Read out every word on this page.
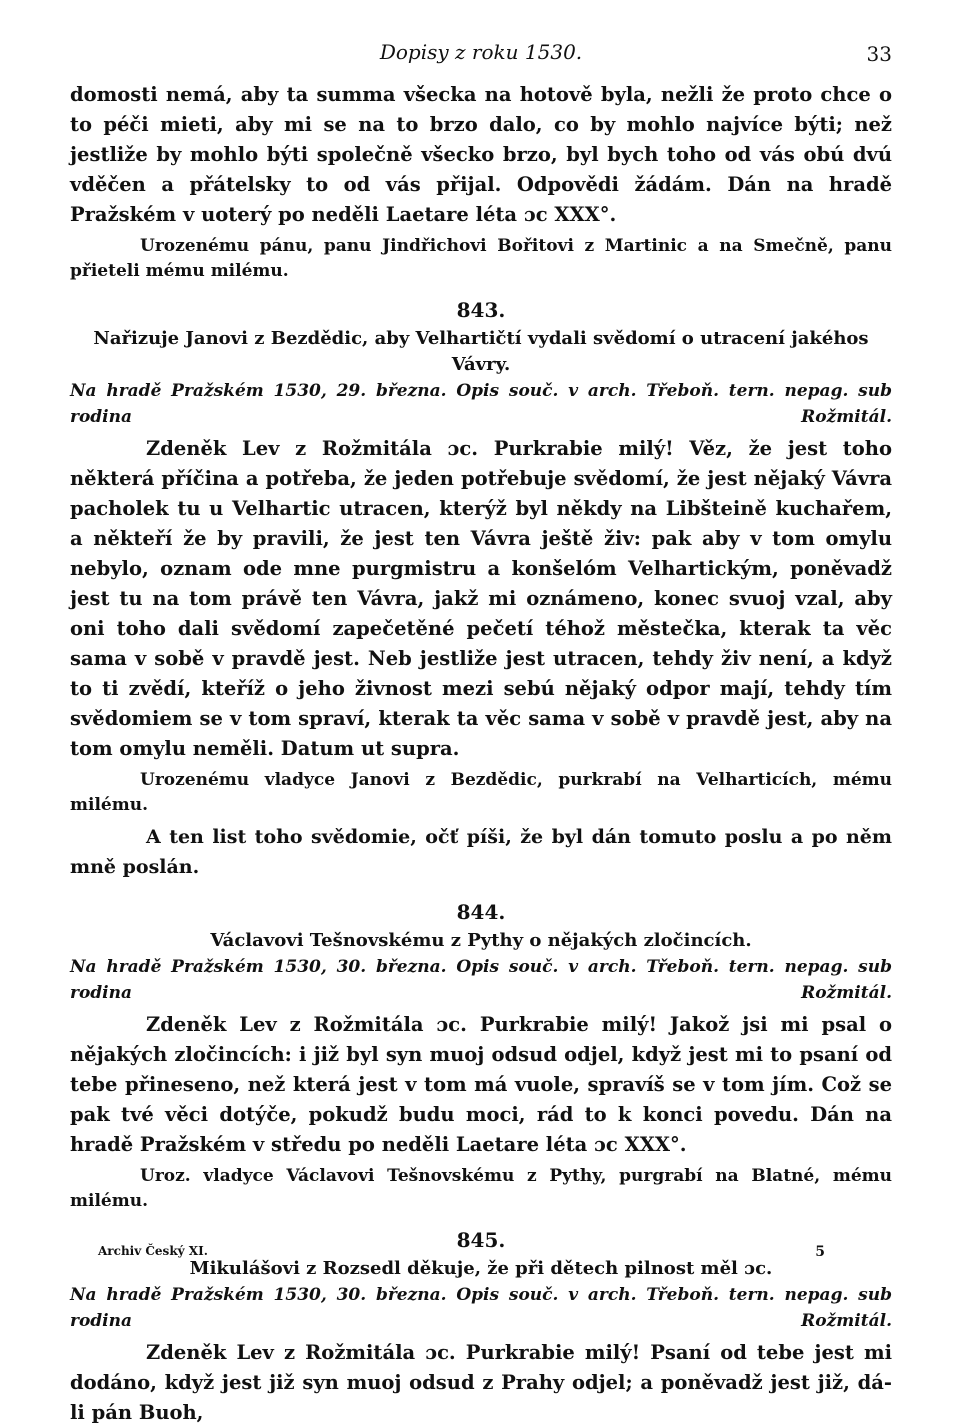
Dopisy z roku 1530.	33

domosti nemá, aby ta summa všecka na hotově byla, nežli že proto chce o to péči mieti, aby mi se na to brzo dalo, co by mohlo najvíce býti; než jestliže by mohlo býti společně všecko brzo, byl bych toho od vás obú dvú vděčen a přátelsky to od vás přijal. Odpovědi žádám. Dán na hradě Pražském v uoterý po neděli Laetare léta ɔc XXX°.

Urozenému pánu, panu Jindřichovi Bořitovi z Martinic a na Smečně, panu přieteli mému milému.

843.
Nařizuje Janovi z Bezdědic, aby Velhartičtí vydali svědomí o utracení jakéhos Vávry.
Na hradě Pražském 1530, 29. března. Opis souč. v arch. Třeboň. tern. nepag. sub rodina Rožmitál.

Zdeněk Lev z Rožmitála ɔc. Purkrabie milý! Věz, že jest toho některá příčina a potřeba, že jeden potřebuje svědomí, že jest nějaký Vávra pacholek tu u Velhartic utracen, kterýž byl někdy na Libšteině kuchařem, a někteří že by pravili, že jest ten Vávra ještě živ: pak aby v tom omylu nebylo, oznam ode mne purgmistru a konšelóm Velhartickým, poněvadž jest tu na tom právě ten Vávra, jakž mi oznámeno, konec svuoj vzal, aby oni toho dali svědomí zapečetěné pečetí téhož městečka, kterak ta věc sama v sobě v pravdě jest. Neb jestliže jest utracen, tehdy živ není, a když to ti zvědí, kteříž o jeho živnost mezi sebú nějaký odpor mají, tehdy tím svědomiem se v tom spraví, kterak ta věc sama v sobě v pravdě jest, aby na tom omylu neměli. Datum ut supra.

Urozenému vladyce Janovi z Bezdědic, purkrabí na Velharticích, mému milému.

A ten list toho svědomie, očť píši, že byl dán tomuto poslu a po něm mně poslán.

844.
Václavovi Tešnovskému z Pythy o nějakých zločincích.
Na hradě Pražském 1530, 30. března. Opis souč. v arch. Třeboň. tern. nepag. sub rodina Rožmitál.

Zdeněk Lev z Rožmitála ɔc. Purkrabie milý! Jakož jsi mi psal o nějakých zločincích: i již byl syn muoj odsud odjel, když jest mi to psaní od tebe přineseno, než která jest v tom má vuole, spravíš se v tom jím. Což se pak tvé věci dotýče, pokudž budu moci, rád to k konci povedu. Dán na hradě Pražském v středu po neděli Laetare léta ɔc XXX°.

Uroz. vladyce Václavovi Tešnovskému z Pythy, purgrabí na Blatné, mému milému.

845.
Mikulášovi z Rozsedl děkuje, že při dětech pilnost měl ɔc.
Na hradě Pražském 1530, 30. března. Opis souč. v arch. Třeboň. tern. nepag. sub rodina Rožmitál.

Zdeněk Lev z Rožmitála ɔc. Purkrabie milý! Psaní od tebe jest mi dodáno, když jest již syn muoj odsud z Prahy odjel; a poněvadž jest již, dá-li pán Buoh,

Archiv Český XI.	5
